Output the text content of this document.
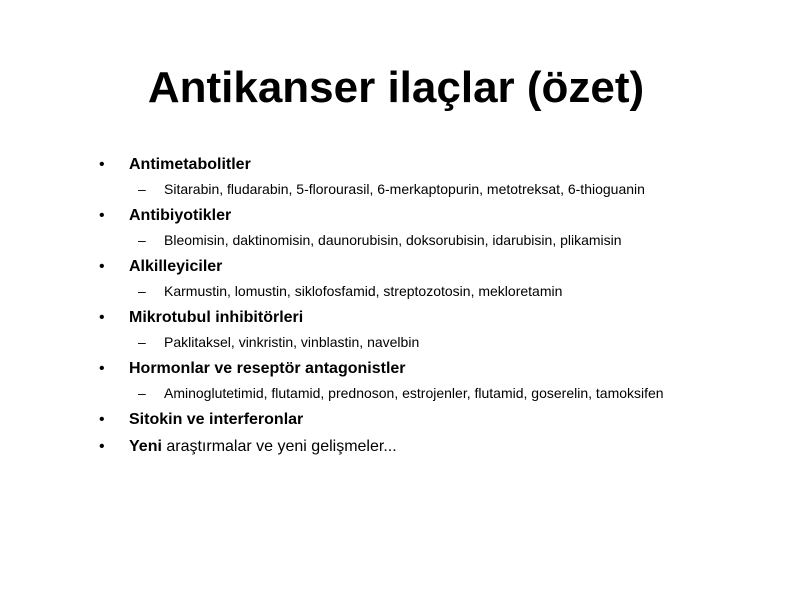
Antikanser ilaçlar (özet)
• Antimetabolitler
– Sitarabin, fludarabin, 5-florourasil, 6-merkaptopurin, metotreksat, 6-thioguanin
• Antibiyotikler
– Bleomisin, daktinomisin, daunorubisin, doksorubisin, idarubisin, plikamisin
• Alkilleyiciler
– Karmustin, lomustin, siklofosfamid, streptozotosin, mekloretamin
• Mikrotubul inhibitörleri
– Paklitaksel, vinkristin, vinblastin, navelbin
• Hormonlar ve reseptör antagonistler
– Aminoglutetimid, flutamid, prednoson, estrojenler, flutamid, goserelin, tamoksifen
• Sitokin ve interferonlar
• Yeni araştırmalar ve yeni gelişmeler...
